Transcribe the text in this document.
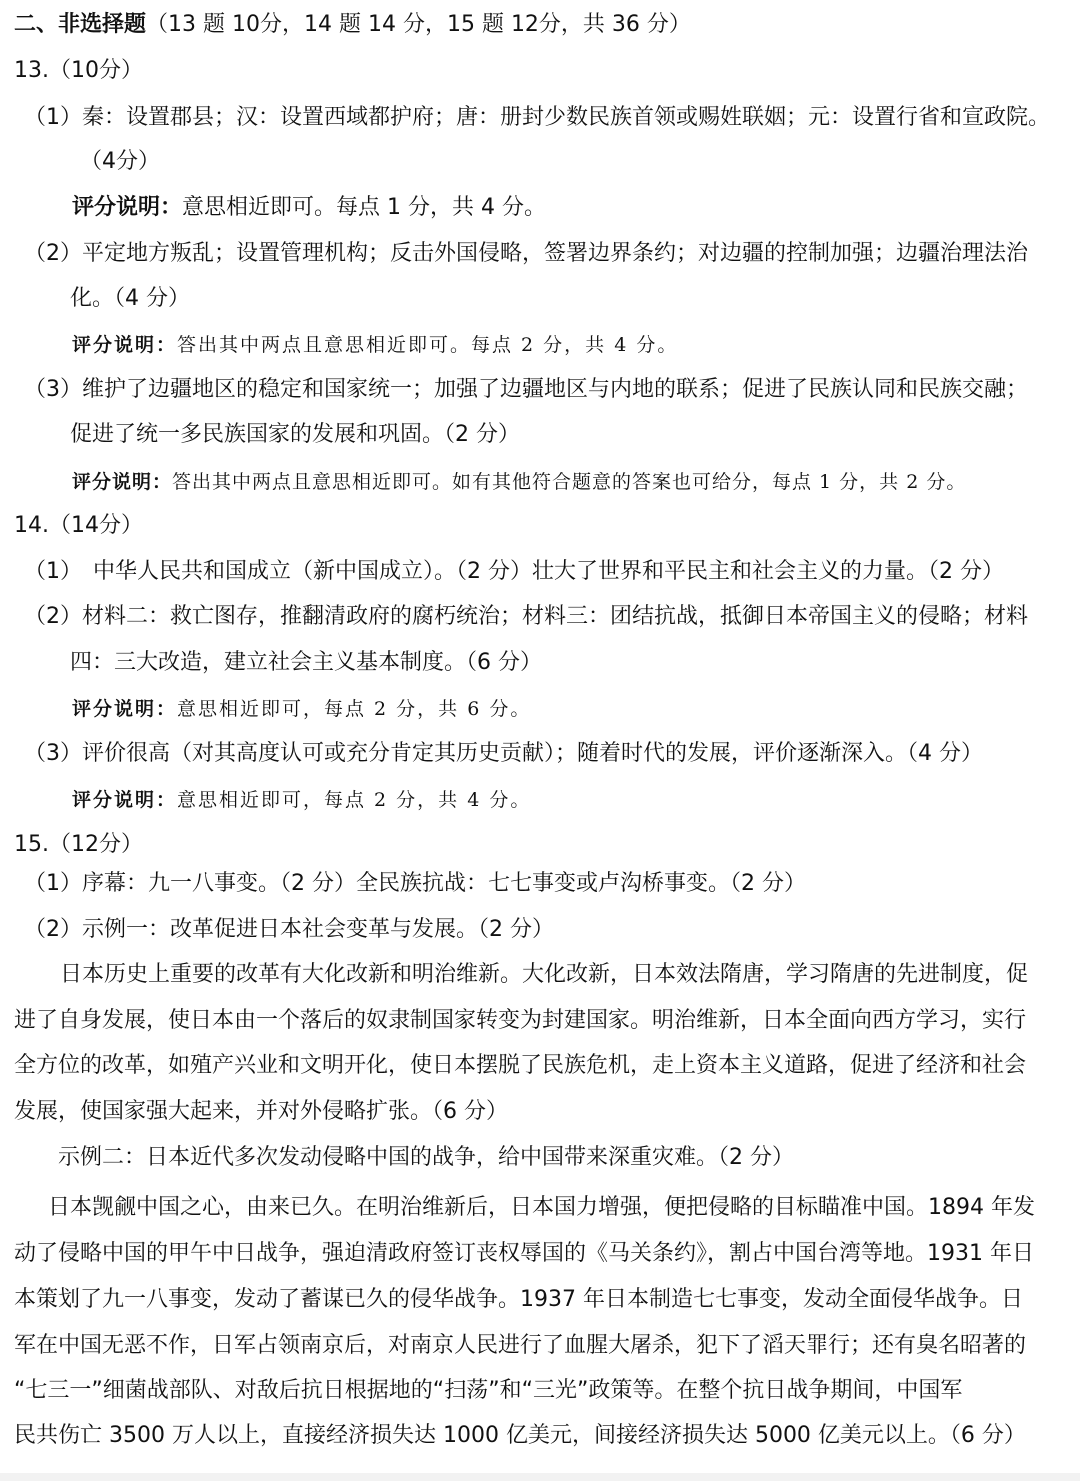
二、非选择题（13 题 10分，14 题 14 分，15 题 12分，共 36 分）
13.（10分）
（1）秦：设置郡县；汉：设置西域都护府；唐：册封少数民族首领或赐姓联姻；元：设置行省和宣政院。
（4分）
评分说明：意思相近即可。每点 1 分，共 4 分。
（2）平定地方叛乱；设置管理机构；反击外国侵略，签署边界条约；对边疆的控制加强；边疆治理法治
化。（4 分）
评分说明：答出其中两点且意思相近即可。每点 2 分，共 4 分。
（3）维护了边疆地区的稳定和国家统一；加强了边疆地区与内地的联系；促进了民族认同和民族交融；
促进了统一多民族国家的发展和巩固。（2 分）
评分说明：答出其中两点且意思相近即可。如有其他符合题意的答案也可给分，每点 1 分，共 2 分。
14.（14分）
（1）　中华人民共和国成立（新中国成立）。（2 分）壮大了世界和平民主和社会主义的力量。（2 分）
（2）材料二：救亡图存，推翻清政府的腐朽统治；材料三：团结抗战，抵御日本帝国主义的侵略；材料
四：三大改造，建立社会主义基本制度。（6 分）
评分说明：意思相近即可，每点 2 分，共 6 分。
（3）评价很高（对其高度认可或充分肯定其历史贡献）；随着时代的发展，评价逐渐深入。（4 分）
评分说明：意思相近即可，每点 2 分，共 4 分。
15.（12分）
（1）序幕：九一八事变。（2 分）全民族抗战：七七事变或卢沟桥事变。（2 分）
（2）示例一：改革促进日本社会变革与发展。（2 分）
日本历史上重要的改革有大化改新和明治维新。大化改新，日本效法隋唐，学习隋唐的先进制度，促
进了自身发展，使日本由一个落后的奴隶制国家转变为封建国家。明治维新，日本全面向西方学习，实行
全方位的改革，如殖产兴业和文明开化，使日本摆脱了民族危机，走上资本主义道路，促进了经济和社会
发展，使国家强大起来，并对外侵略扩张。（6 分）
示例二：日本近代多次发动侵略中国的战争，给中国带来深重灾难。（2 分）
日本觊觎中国之心，由来已久。在明治维新后，日本国力增强，便把侵略的目标瞄准中国。1894 年发
动了侵略中国的甲午中日战争，强迫清政府签订丧权辱国的《马关条约》，割占中国台湾等地。1931 年日
本策划了九一八事变，发动了蓄谋已久的侵华战争。1937 年日本制造七七事变，发动全面侵华战争。日
军在中国无恶不作，日军占领南京后，对南京人民进行了血腥大屠杀，犯下了滔天罪行；还有臭名昭著的
“七三一”细菌战部队、对敌后抗日根据地的“扫荡”和“三光”政策等。在整个抗日战争期间，中国军
民共伤亡 3500 万人以上，直接经济损失达 1000 亿美元，间接经济损失达 5000 亿美元以上。（6 分）
